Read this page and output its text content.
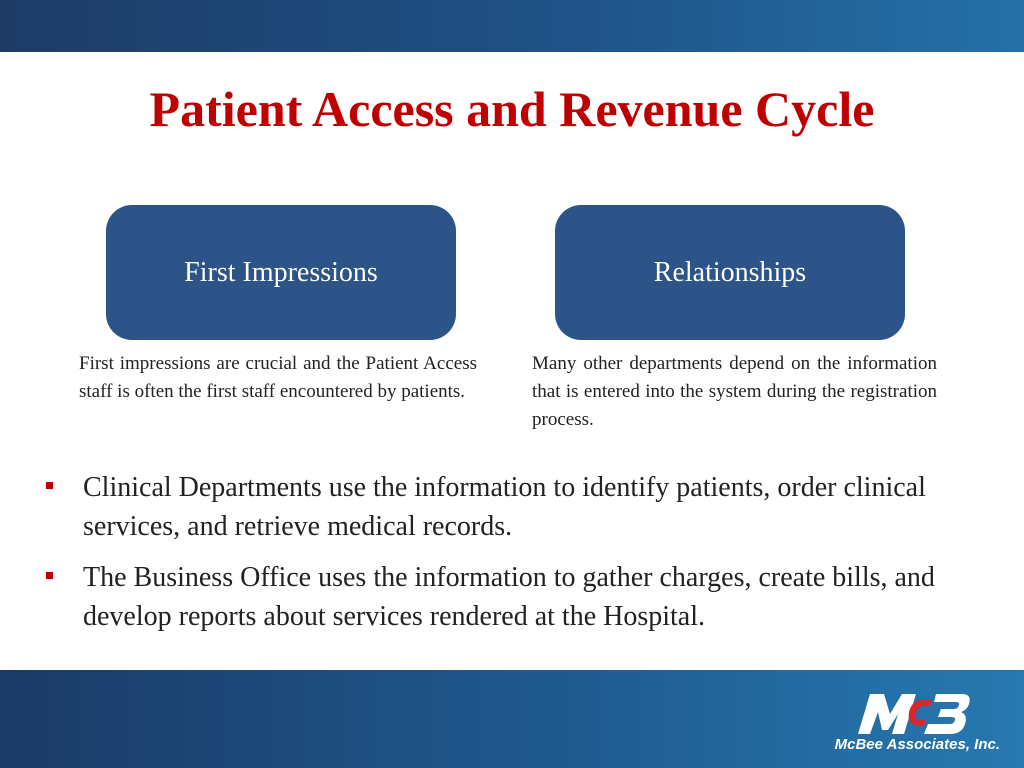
Patient Access and Revenue Cycle
First Impressions	Relationships
First impressions are crucial and the Patient Access staff is often the first staff encountered by patients.
Many other departments depend on the information that is entered into the system during the registration process.
Clinical Departments use the information to identify patients, order clinical services, and retrieve medical records.
The Business Office uses the information to gather charges, create bills, and develop reports about services rendered at the Hospital.
McBee Associates, Inc.
